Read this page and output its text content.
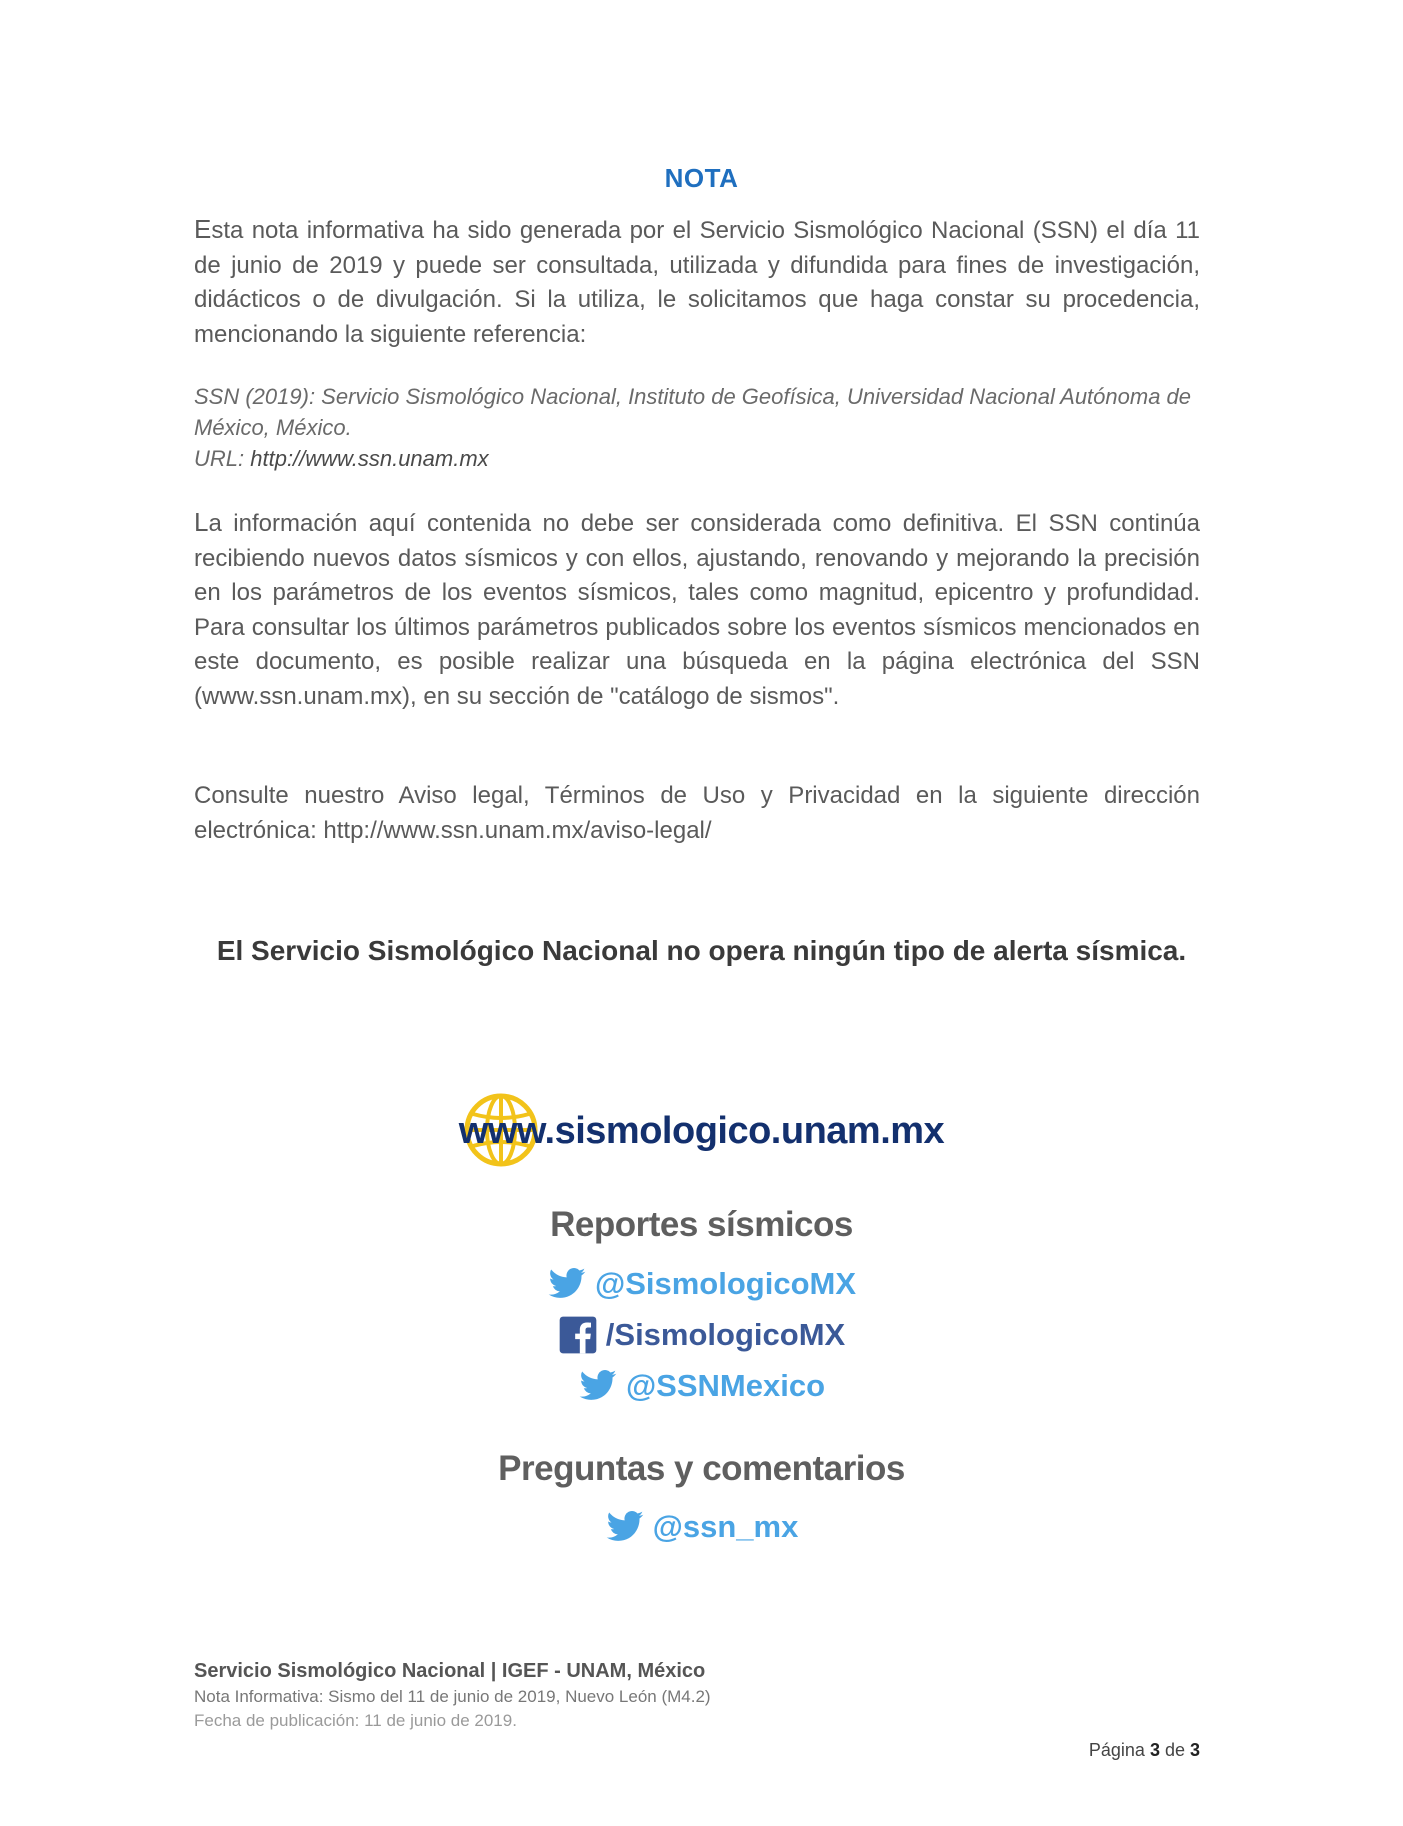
NOTA
Esta nota informativa ha sido generada por el Servicio Sismológico Nacional (SSN) el día 11 de junio de 2019 y puede ser consultada, utilizada y difundida para fines de investigación, didácticos o de divulgación. Si la utiliza, le solicitamos que haga constar su procedencia, mencionando la siguiente referencia:
SSN (2019): Servicio Sismológico Nacional, Instituto de Geofísica, Universidad Nacional Autónoma de México, México.
URL: http://www.ssn.unam.mx
La información aquí contenida no debe ser considerada como definitiva. El SSN continúa recibiendo nuevos datos sísmicos y con ellos, ajustando, renovando y mejorando la precisión en los parámetros de los eventos sísmicos, tales como magnitud, epicentro y profundidad. Para consultar los últimos parámetros publicados sobre los eventos sísmicos mencionados en este documento, es posible realizar una búsqueda en la página electrónica del SSN (www.ssn.unam.mx), en su sección de "catálogo de sismos".
Consulte nuestro Aviso legal, Términos de Uso y Privacidad en la siguiente dirección electrónica: http://www.ssn.unam.mx/aviso-legal/
El Servicio Sismológico Nacional no opera ningún tipo de alerta sísmica.
www.sismologico.unam.mx
Reportes sísmicos
@SismologicoMX
/SismologicoMX
@SSNMexico
Preguntas y comentarios
@ssn_mx
Servicio Sismológico Nacional | IGEF - UNAM, México
Nota Informativa: Sismo del 11 de junio de 2019, Nuevo León (M4.2)
Fecha de publicación: 11 de junio de 2019.
Página 3 de 3
